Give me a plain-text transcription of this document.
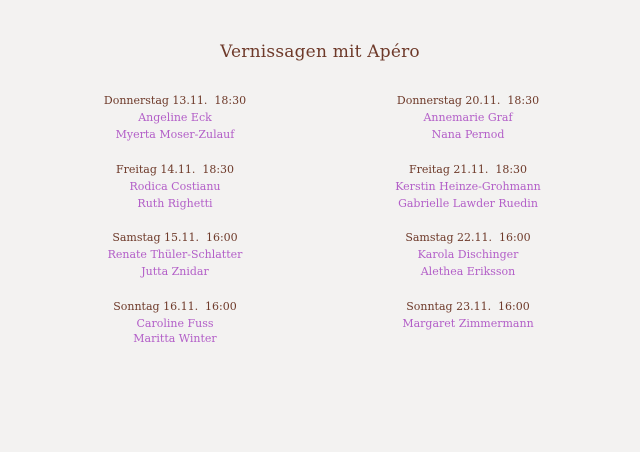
Vernissagen mit Apéro
Donnerstag 13.11.  18:30
Angeline Eck
Myerta Moser-Zulauf
Freitag 14.11.  18:30
Rodica Costianu
Ruth Righetti
Samstag 15.11.  16:00
Renate Thüler-Schlatter
Jutta Znidar
Sonntag 16.11.  16:00
Caroline Fuss
Maritta Winter
Donnerstag 20.11.  18:30
Annemarie Graf
Nana Pernod
Freitag 21.11.  18:30
Kerstin Heinze-Grohmann
Gabrielle Lawder Ruedin
Samstag 22.11.  16:00
Karola Dischinger
Alethea Eriksson
Sonntag 23.11.  16:00
Margaret Zimmermann
